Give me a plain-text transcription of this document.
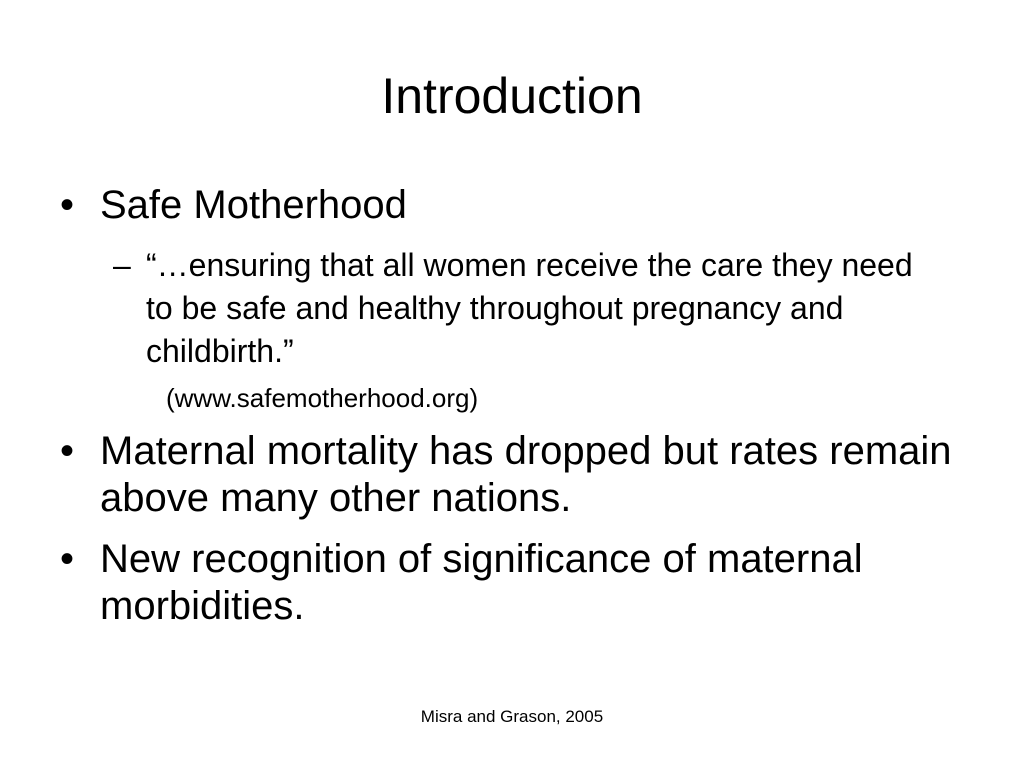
Introduction
• Safe Motherhood
– “…ensuring that all women receive the care they need to be safe and healthy throughout pregnancy and childbirth.”
(www.safemotherhood.org)
• Maternal mortality has dropped but rates remain above many other nations.
• New recognition of significance of maternal morbidities.
Misra and Grason, 2005
